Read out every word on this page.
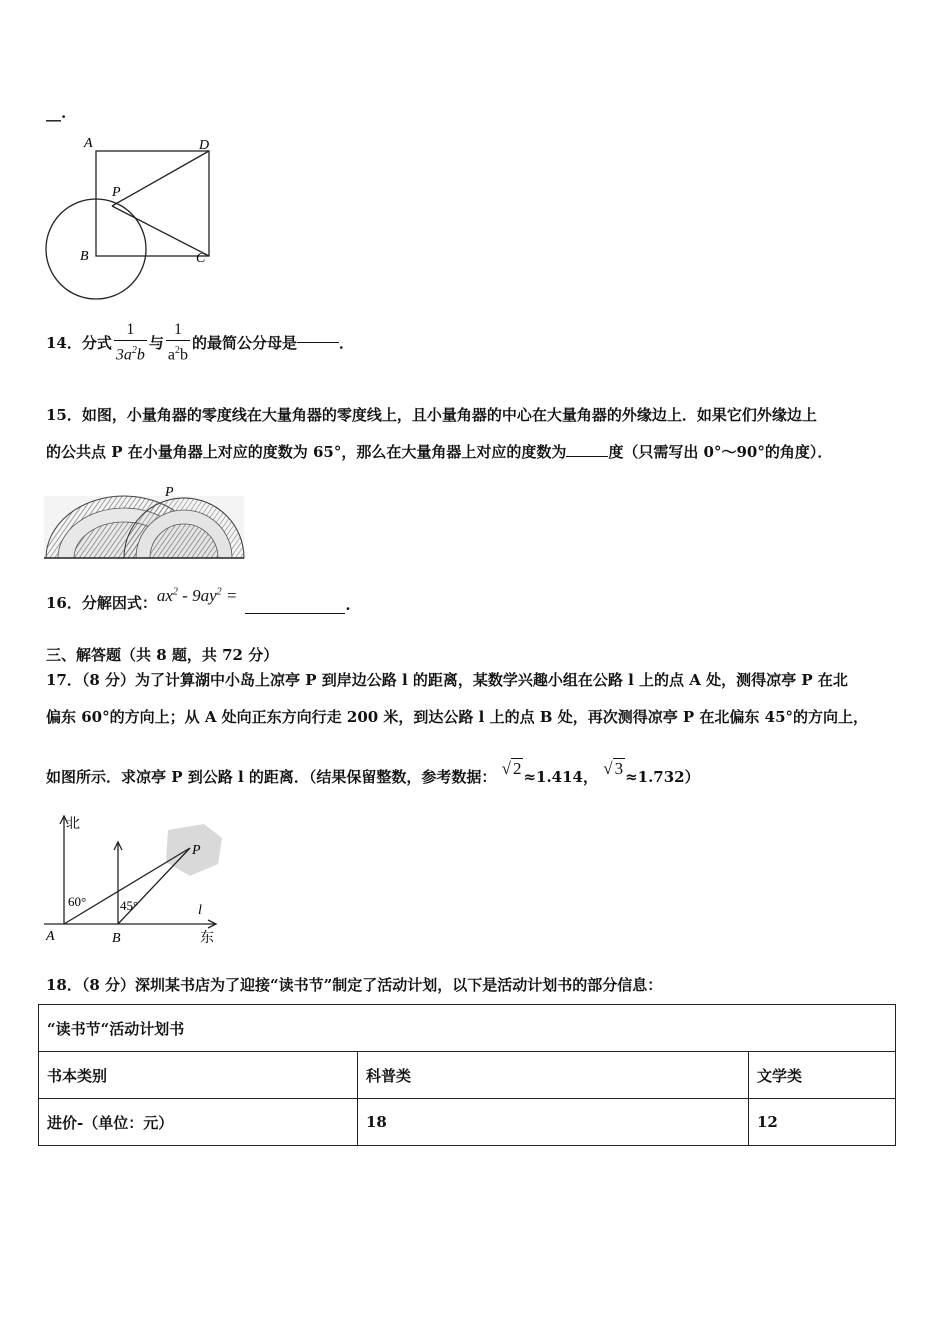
__.
A	D
P
B	C
14．分式 $\frac{1}{3a^2b}$ 与 $\frac{1}{a^2b}$ 的最简公分母是	．
15．如图，小量角器的零度线在大量角器的零度线上，且小量角器的中心在大量角器的外缘边上．如果它们外缘边上
的公共点 P 在小量角器上对应的度数为 65°，那么在大量角器上对应的度数为	度（只需写出 0°～90°的角度）．
P
16．分解因式： $ax^2 - 9ay^2$ =	.
三、解答题（共 8 题，共 72 分）
17．（8 分）为了计算湖中小岛上凉亭 P 到岸边公路 l 的距离，某数学兴趣小组在公路 l 上的点 A 处，测得凉亭 P 在北
偏东 60°的方向上；从 A 处向正东方向行走 200 米，到达公路 l 上的点 B 处，再次测得凉亭 P 在北偏东 45°的方向上，
如图所示．求凉亭 P 到公路 l 的距离．（结果保留整数，参考数据： √ 2 ≈1.414， √ 3 ≈1.732）
北
P
60°	45°	l
A	B	东
18．（8 分）深圳某书店为了迎接“读书节”制定了活动计划，以下是活动计划书的部分信息：
“读书节“活动计划书		
书本类别	科普类	文学类
进价-（单位：元）	18	12
